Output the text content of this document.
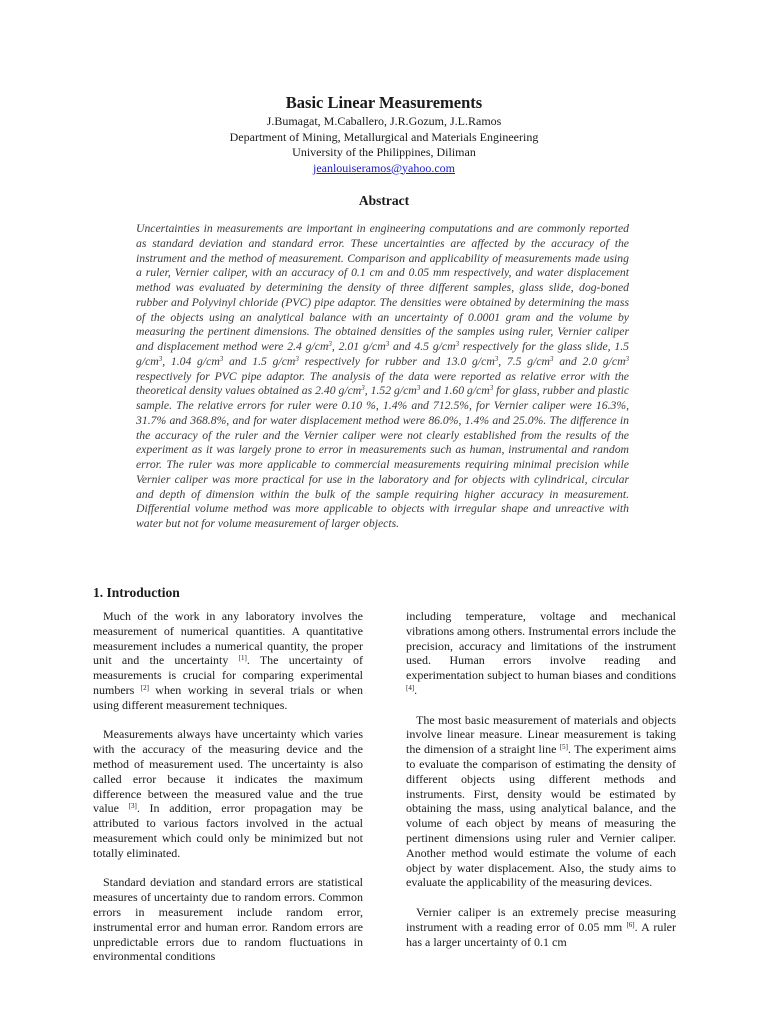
Basic Linear Measurements
J.Bumagat, M.Caballero, J.R.Gozum, J.L.Ramos
Department of Mining, Metallurgical and Materials Engineering
University of the Philippines, Diliman
jeanlouiseramos@yahoo.com
Abstract

Uncertainties in measurements are important in engineering computations and are commonly reported as standard deviation and standard error. These uncertainties are affected by the accuracy of the instrument and the method of measurement. Comparison and applicability of measurements made using a ruler, Vernier caliper, with an accuracy of 0.1 cm and 0.05 mm respectively, and water displacement method was evaluated by determining the density of three different samples, glass slide, dog-boned rubber and Polyvinyl chloride (PVC) pipe adaptor. The densities were obtained by determining the mass of the objects using an analytical balance with an uncertainty of 0.0001 gram and the volume by measuring the pertinent dimensions. The obtained densities of the samples using ruler, Vernier caliper and displacement method were 2.4 $g/cm^3$, 2.01 $g/cm^3$ and 4.5 $g/cm^3$ respectively for the glass slide, 1.5 $g/cm^3$, 1.04 $g/cm^3$ and 1.5 $g/cm^3$ respectively for rubber and 13.0 $g/cm^3$, 7.5 $g/cm^3$ and 2.0 $g/cm^3$ respectively for PVC pipe adaptor. The analysis of the data were reported as relative error with the theoretical density values obtained as 2.40 $g/cm^3$, 1.52 $g/cm^3$ and 1.60 $g/cm^3$ for glass, rubber and plastic sample. The relative errors for ruler were 0.10 %, 1.4% and 712.5%, for Vernier caliper were 16.3%, 31.7% and 368.8%, and for water displacement method were 86.0%, 1.4% and 25.0%. The difference in the accuracy of the ruler and the Vernier caliper were not clearly established from the results of the experiment as it was largely prone to error in measurements such as human, instrumental and random error. The ruler was more applicable to commercial measurements requiring minimal precision while Vernier caliper was more practical for use in the laboratory and for objects with cylindrical, circular and depth of dimension within the bulk of the sample requiring higher accuracy in measurement. Differential volume method was more applicable to objects with irregular shape and unreactive with water but not for volume measurement of larger objects.

1. Introduction

Much of the work in any laboratory involves the measurement of numerical quantities. A quantitative measurement includes a numerical quantity, the proper unit and the uncertainty [1]. The uncertainty of measurements is crucial for comparing experimental numbers [2] when working in several trials or when using different measurement techniques.

Measurements always have uncertainty which varies with the accuracy of the measuring device and the method of measurement used. The uncertainty is also called error because it indicates the maximum difference between the measured value and the true value [3]. In addition, error propagation may be attributed to various factors involved in the actual measurement which could only be minimized but not totally eliminated.

Standard deviation and standard errors are statistical measures of uncertainty due to random errors. Common errors in measurement include random error, instrumental error and human error. Random errors are unpredictable errors due to random fluctuations in environmental conditions

including temperature, voltage and mechanical vibrations among others. Instrumental errors include the precision, accuracy and limitations of the instrument used. Human errors involve reading and experimentation subject to human biases and conditions [4].

The most basic measurement of materials and objects involve linear measure. Linear measurement is taking the dimension of a straight line [5]. The experiment aims to evaluate the comparison of estimating the density of different objects using different methods and instruments. First, density would be estimated by obtaining the mass, using analytical balance, and the volume of each object by means of measuring the pertinent dimensions using ruler and Vernier caliper. Another method would estimate the volume of each object by water displacement. Also, the study aims to evaluate the applicability of the measuring devices.

Vernier caliper is an extremely precise measuring instrument with a reading error of 0.05 mm [6]. A ruler has a larger uncertainty of 0.1 cm
